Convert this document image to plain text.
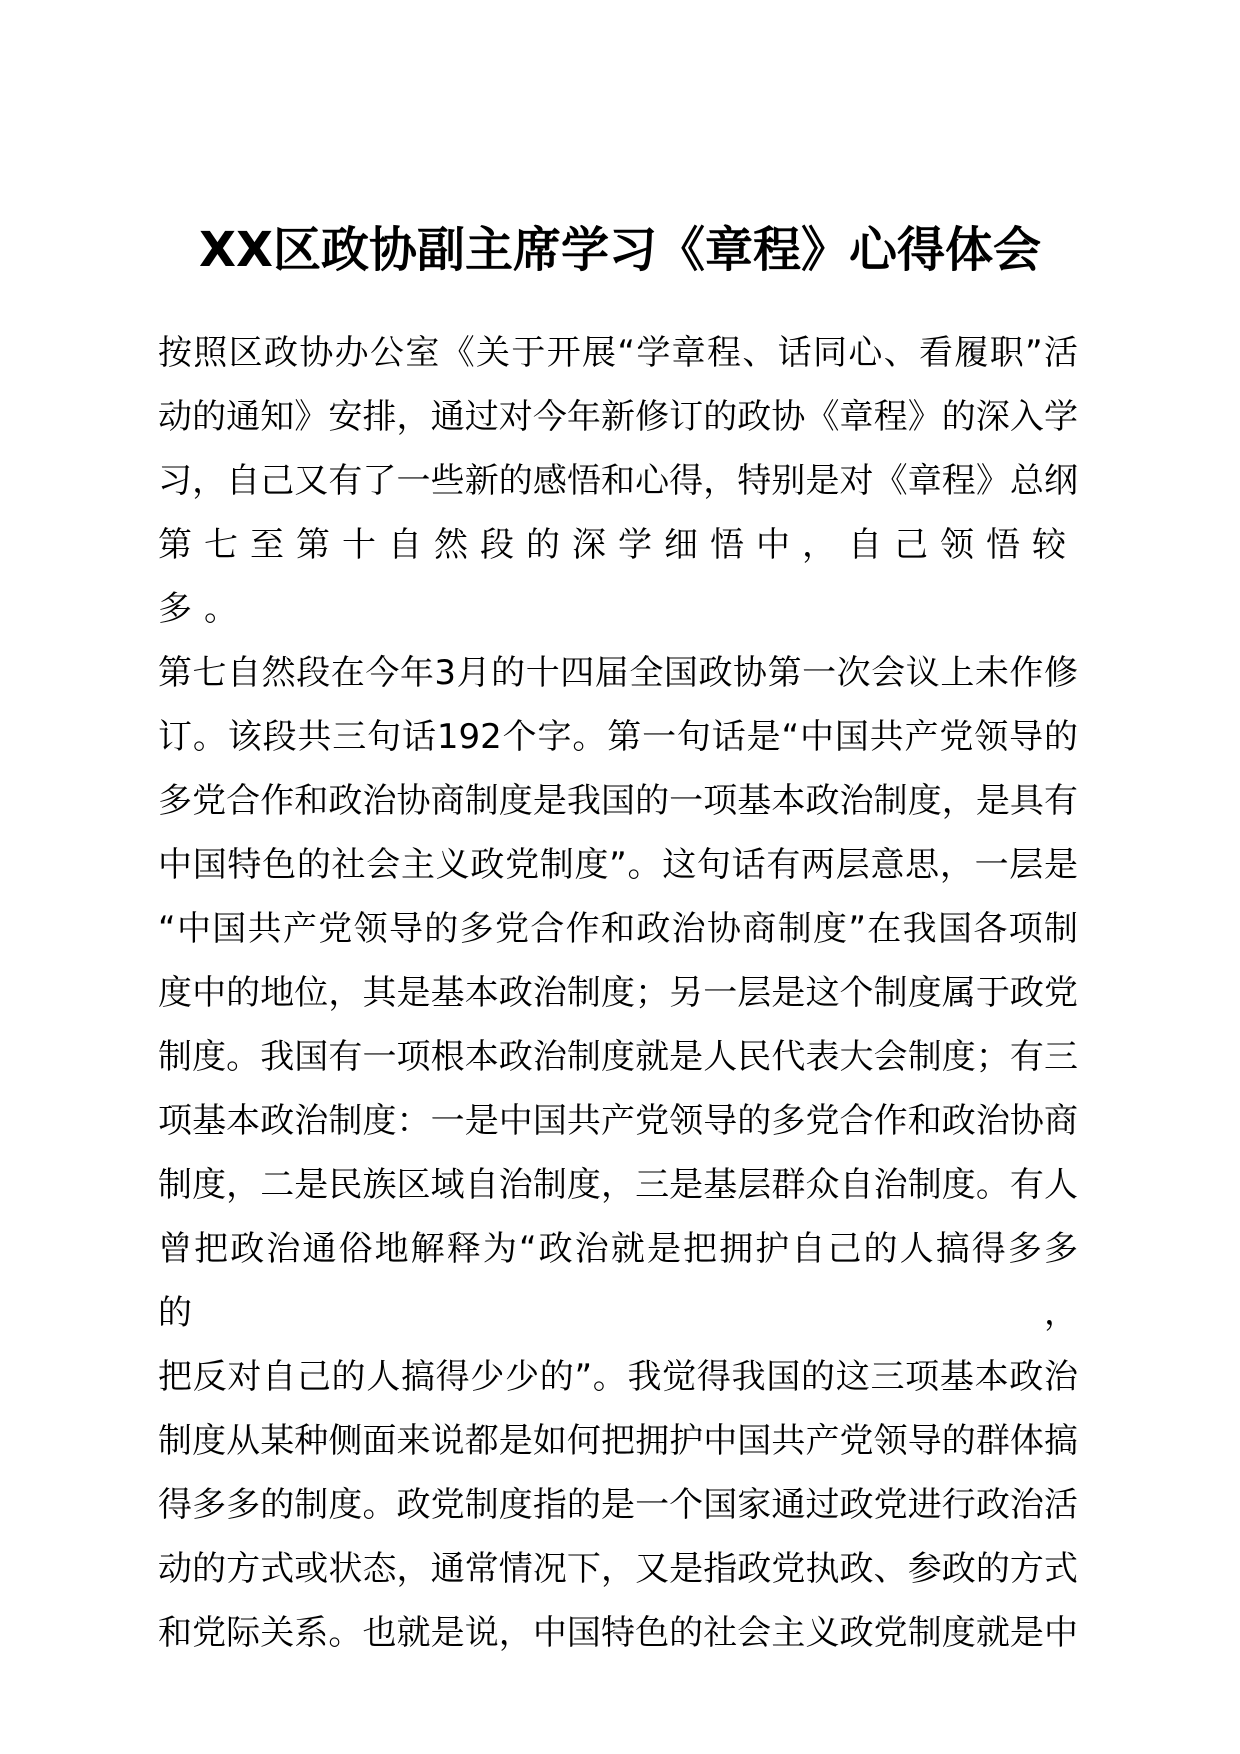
XX区政协副主席学习《章程》心得体会
按照区政协办公室《关于开展“学章程、话同心、看履职”活
动的通知》安排，通过对今年新修订的政协《章程》的深入学
习，自己又有了一些新的感悟和心得，特别是对《章程》总纲
第七至第十自然段的深学细悟中，自己领悟较多。
第七自然段在今年3月的十四届全国政协第一次会议上未作修
订。该段共三句话192个字。第一句话是“中国共产党领导的
多党合作和政治协商制度是我国的一项基本政治制度，是具有
中国特色的社会主义政党制度”。这句话有两层意思，一层是
“中国共产党领导的多党合作和政治协商制度”在我国各项制
度中的地位，其是基本政治制度；另一层是这个制度属于政党
制度。我国有一项根本政治制度就是人民代表大会制度；有三
项基本政治制度：一是中国共产党领导的多党合作和政治协商
制度，二是民族区域自治制度，三是基层群众自治制度。有人
曾把政治通俗地解释为“政治就是把拥护自己的人搞得多多的，
把反对自己的人搞得少少的”。我觉得我国的这三项基本政治
制度从某种侧面来说都是如何把拥护中国共产党领导的群体搞
得多多的制度。政党制度指的是一个国家通过政党进行政治活
动的方式或状态，通常情况下，又是指政党执政、参政的方式
和党际关系。也就是说，中国特色的社会主义政党制度就是中
